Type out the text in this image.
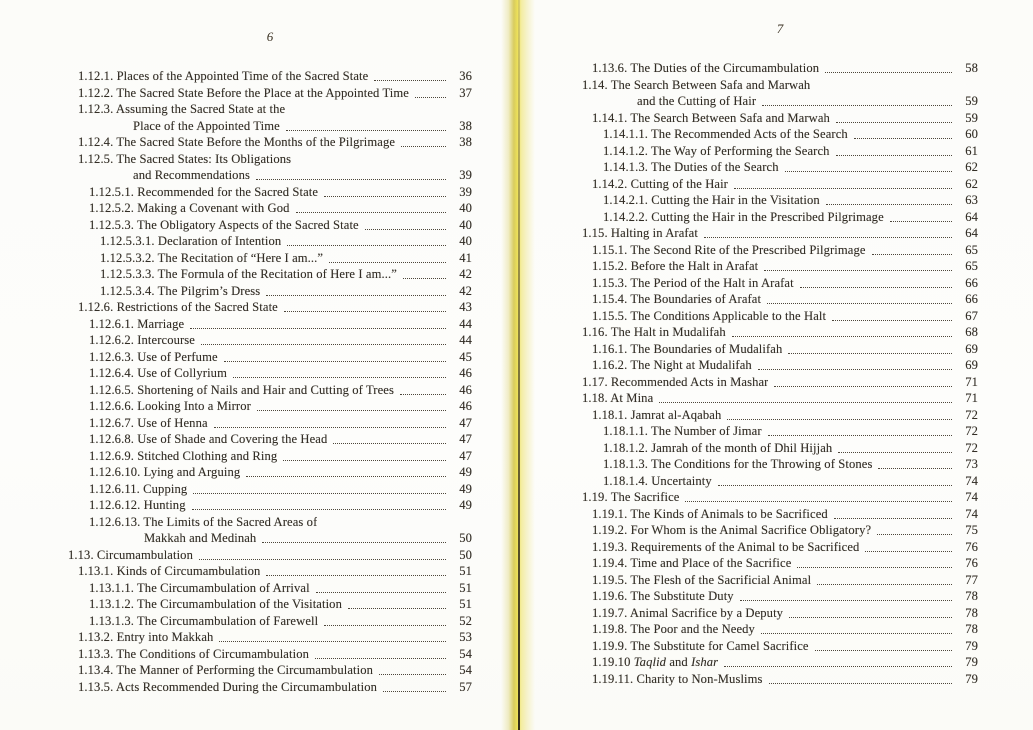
6
1.12.1. Places of the Appointed Time of the Sacred State	36
1.12.2. The Sacred State Before the Place at the Appointed Time	37
1.12.3. Assuming the Sacred State at the
Place of the Appointed Time	38
1.12.4. The Sacred State Before the Months of the Pilgrimage	38
1.12.5. The Sacred States: Its Obligations
and Recommendations	39
1.12.5.1. Recommended for the Sacred State	39
1.12.5.2. Making a Covenant with God	40
1.12.5.3. The Obligatory Aspects of the Sacred State	40
1.12.5.3.1. Declaration of Intention	40
1.12.5.3.2. The Recitation of “Here I am...”	41
1.12.5.3.3. The Formula of the Recitation of Here I am...”	42
1.12.5.3.4. The Pilgrim’s Dress	42
1.12.6. Restrictions of the Sacred State	43
1.12.6.1. Marriage	44
1.12.6.2. Intercourse	44
1.12.6.3. Use of Perfume	45
1.12.6.4. Use of Collyrium	46
1.12.6.5. Shortening of Nails and Hair and Cutting of Trees	46
1.12.6.6. Looking Into a Mirror	46
1.12.6.7. Use of Henna	47
1.12.6.8. Use of Shade and Covering the Head	47
1.12.6.9. Stitched Clothing and Ring	47
1.12.6.10. Lying and Arguing	49
1.12.6.11. Cupping	49
1.12.6.12. Hunting	49
1.12.6.13. The Limits of the Sacred Areas of
Makkah and Medinah	50
1.13. Circumambulation	50
1.13.1. Kinds of Circumambulation	51
1.13.1.1. The Circumambulation of Arrival	51
1.13.1.2. The Circumambulation of the Visitation	51
1.13.1.3. The Circumambulation of Farewell	52
1.13.2. Entry into Makkah	53
1.13.3. The Conditions of Circumambulation	54
1.13.4. The Manner of Performing the Circumambulation	54
1.13.5. Acts Recommended During the Circumambulation	57
7
1.13.6. The Duties of the Circumambulation	58
1.14. The Search Between Safa and Marwah
and the Cutting of Hair	59
1.14.1. The Search Between Safa and Marwah	59
1.14.1.1. The Recommended Acts of the Search	60
1.14.1.2. The Way of Performing the Search	61
1.14.1.3. The Duties of the Search	62
1.14.2. Cutting of the Hair	62
1.14.2.1. Cutting the Hair in the Visitation	63
1.14.2.2. Cutting the Hair in the Prescribed Pilgrimage	64
1.15. Halting in Arafat	64
1.15.1. The Second Rite of the Prescribed Pilgrimage	65
1.15.2. Before the Halt in Arafat	65
1.15.3. The Period of the Halt in Arafat	66
1.15.4. The Boundaries of Arafat	66
1.15.5. The Conditions Applicable to the Halt	67
1.16. The Halt in Mudalifah	68
1.16.1. The Boundaries of Mudalifah	69
1.16.2. The Night at Mudalifah	69
1.17. Recommended Acts in Mashar	71
1.18. At Mina	71
1.18.1. Jamrat al-Aqabah	72
1.18.1.1. The Number of Jimar	72
1.18.1.2. Jamrah of the month of Dhil Hijjah	72
1.18.1.3. The Conditions for the Throwing of Stones	73
1.18.1.4. Uncertainty	74
1.19. The Sacrifice	74
1.19.1. The Kinds of Animals to be Sacrificed	74
1.19.2. For Whom is the Animal Sacrifice Obligatory?	75
1.19.3. Requirements of the Animal to be Sacrificed	76
1.19.4. Time and Place of the Sacrifice	76
1.19.5. The Flesh of the Sacrificial Animal	77
1.19.6. The Substitute Duty	78
1.19.7. Animal Sacrifice by a Deputy	78
1.19.8. The Poor and the Needy	78
1.19.9. The Substitute for Camel Sacrifice	79
1.19.10 Taqlid and Ishar	79
1.19.11. Charity to Non-Muslims	79
